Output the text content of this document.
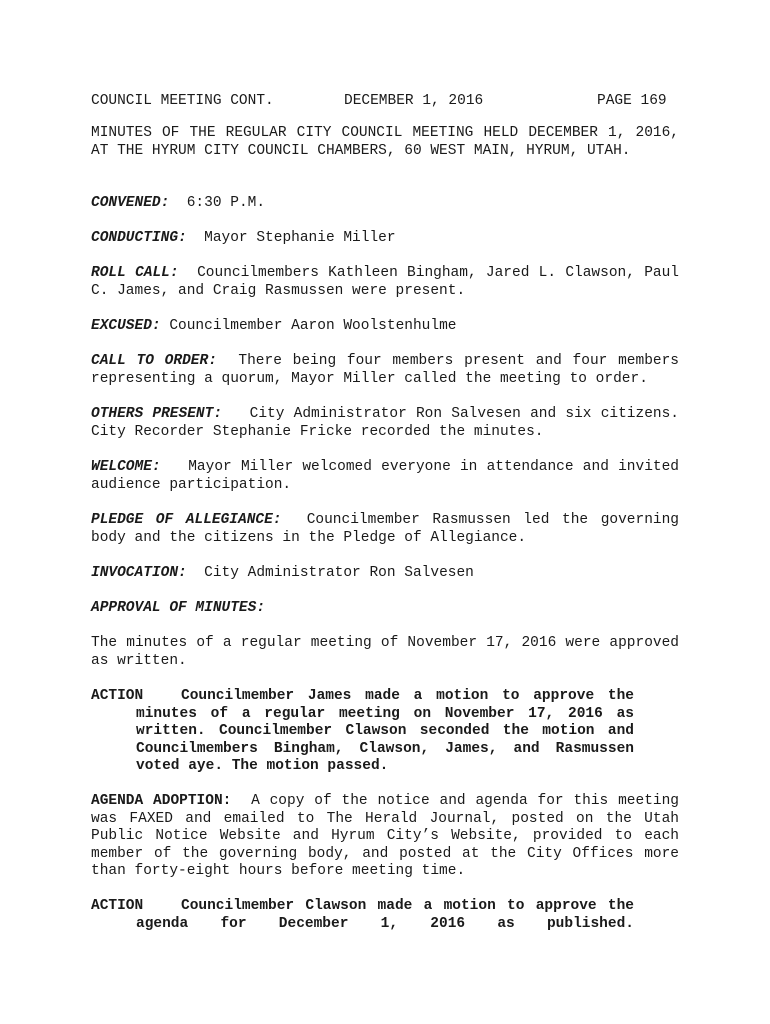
COUNCIL MEETING CONT.	DECEMBER 1, 2016	PAGE 169

MINUTES OF THE REGULAR CITY COUNCIL MEETING HELD DECEMBER 1, 2016, AT THE HYRUM CITY COUNCIL CHAMBERS, 60 WEST MAIN, HYRUM, UTAH.

CONVENED: 6:30 P.M.

CONDUCTING: Mayor Stephanie Miller

ROLL CALL: Councilmembers Kathleen Bingham, Jared L. Clawson, Paul C. James, and Craig Rasmussen were present.

EXCUSED: Councilmember Aaron Woolstenhulme

CALL TO ORDER: There being four members present and four members representing a quorum, Mayor Miller called the meeting to order.

OTHERS PRESENT: City Administrator Ron Salvesen and six citizens. City Recorder Stephanie Fricke recorded the minutes.

WELCOME: Mayor Miller welcomed everyone in attendance and invited audience participation.

PLEDGE OF ALLEGIANCE: Councilmember Rasmussen led the governing body and the citizens in the Pledge of Allegiance.

INVOCATION: City Administrator Ron Salvesen

APPROVAL OF MINUTES:

The minutes of a regular meeting of November 17, 2016 were approved as written.

ACTION	Councilmember James made a motion to approve the
minutes of a regular meeting on November 17, 2016 as
written. Councilmember Clawson seconded the motion and
Councilmembers Bingham, Clawson, James, and Rasmussen
voted aye. The motion passed.

AGENDA ADOPTION: A copy of the notice and agenda for this meeting was FAXED and emailed to The Herald Journal, posted on the Utah Public Notice Website and Hyrum City’s Website, provided to each member of the governing body, and posted at the City Offices more than forty-eight hours before meeting time.

ACTION	Councilmember Clawson made a motion to approve the
agenda for December 1, 2016 as published.
